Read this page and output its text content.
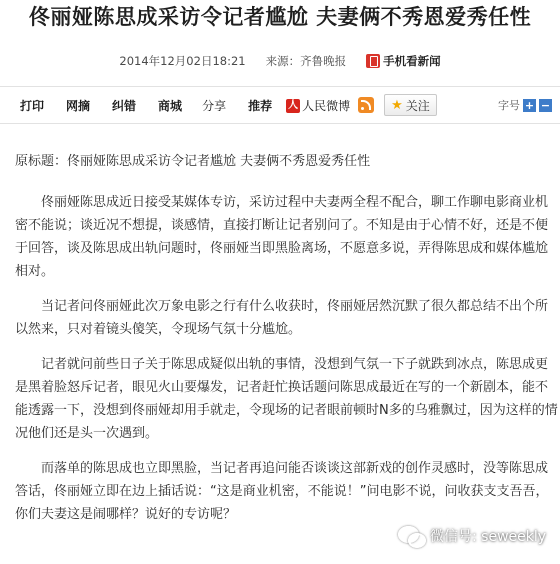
佟丽娅陈思成采访令记者尴尬 夫妻俩不秀恩爱秀任性
2014年12月02日18:21 来源：齐鲁晚报	手机看新闻
打印 网摘 纠错 商城 分享 推荐 人 人民微博	★ 关注	字号 + −

原标题：佟丽娅陈思成采访令记者尴尬 夫妻俩不秀恩爱秀任性

佟丽娅陈思成近日接受某媒体专访，采访过程中夫妻两全程不配合，聊工作聊电影商业机密不能说；谈近况不想提，谈感情，直接打断让记者别问了。不知是由于心情不好，还是不便于回答，谈及陈思成出轨问题时，佟丽娅当即黑脸离场，不愿意多说，弄得陈思成和媒体尴尬相对。

当记者问佟丽娅此次万象电影之行有什么收获时，佟丽娅居然沉默了很久都总结不出个所以然来，只对着镜头傻笑，令现场气氛十分尴尬。

记者就问前些日子关于陈思成疑似出轨的事情，没想到气氛一下子就跌到冰点，陈思成更是黑着脸怒斥记者，眼见火山要爆发，记者赶忙换话题问陈思成最近在写的一个新剧本，能不能透露一下，没想到佟丽娅却用手就走，令现场的记者眼前顿时N多的乌雅飘过，因为这样的情况他们还是头一次遇到。

而落单的陈思成也立即黑脸，当记者再追问能否谈谈这部新戏的创作灵感时，没等陈思成答话，佟丽娅立即在边上插话说：“这是商业机密，不能说！”问电影不说，问收获支支吾吾，你们夫妻这是闹哪样？说好的专访呢？

微信号: seweekly
